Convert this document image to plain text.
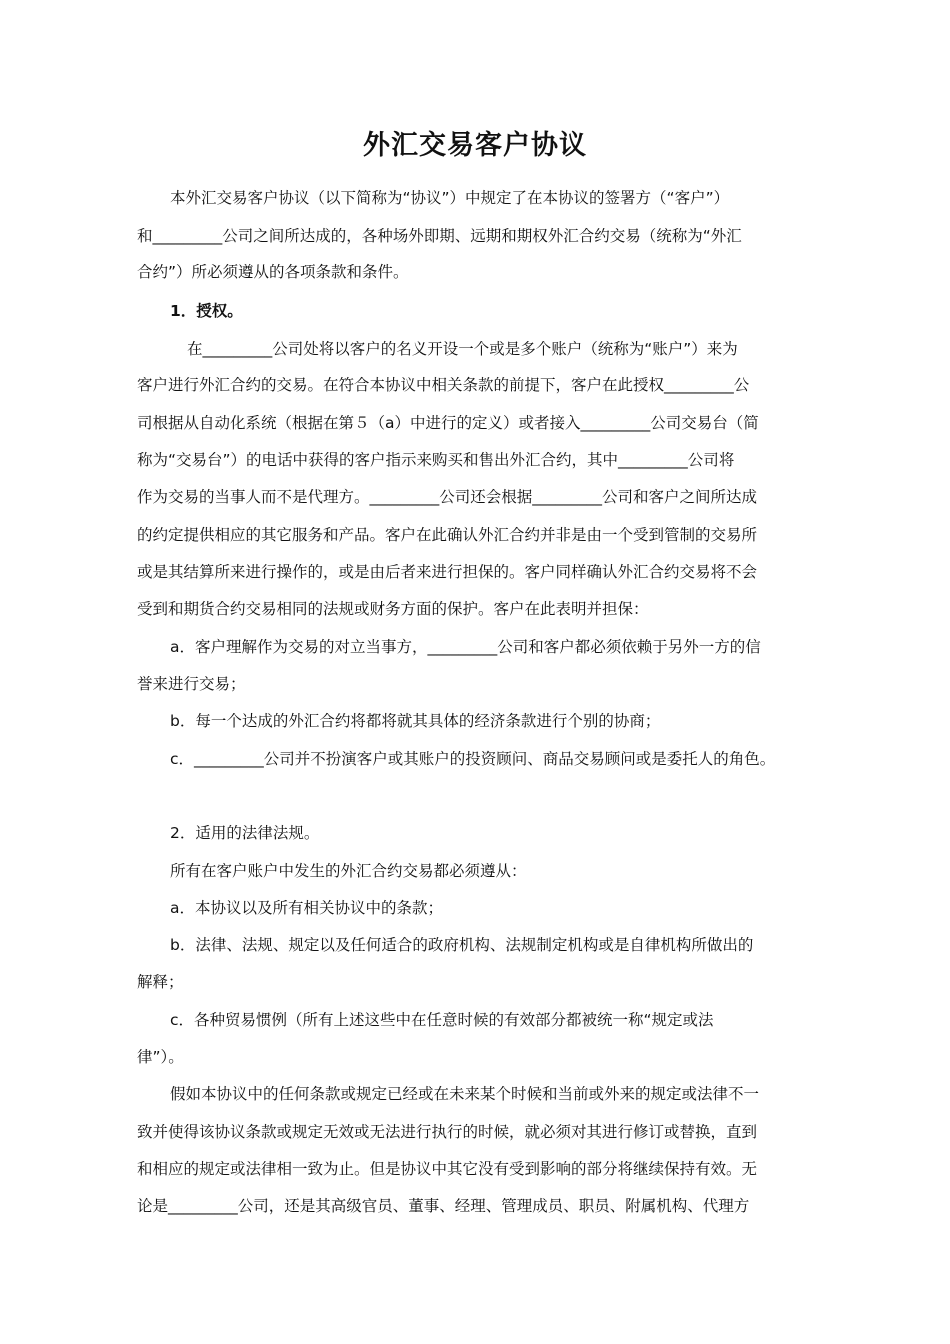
外汇交易客户协议
本外汇交易客户协议（以下简称为“协议”）中规定了在本协议的签署方（“客户”）
和_________公司之间所达成的，各种场外即期、远期和期权外汇合约交易（统称为“外汇
合约”）所必须遵从的各项条款和条件。
1．授权。
在_________公司处将以客户的名义开设一个或是多个账户（统称为“账户”）来为
客户进行外汇合约的交易。在符合本协议中相关条款的前提下，客户在此授权_________公
司根据从自动化系统（根据在第５（a）中进行的定义）或者接入_________公司交易台（简
称为“交易台”）的电话中获得的客户指示来购买和售出外汇合约，其中_________公司将
作为交易的当事人而不是代理方。_________公司还会根据_________公司和客户之间所达成
的约定提供相应的其它服务和产品。客户在此确认外汇合约并非是由一个受到管制的交易所
或是其结算所来进行操作的，或是由后者来进行担保的。客户同样确认外汇合约交易将不会
受到和期货合约交易相同的法规或财务方面的保护。客户在此表明并担保：
a．客户理解作为交易的对立当事方，_________公司和客户都必须依赖于另外一方的信
誉来进行交易；
b．每一个达成的外汇合约将都将就其具体的经济条款进行个别的协商；
c．_________公司并不扮演客户或其账户的投资顾问、商品交易顾问或是委托人的角色。
2．适用的法律法规。
所有在客户账户中发生的外汇合约交易都必须遵从：
a．本协议以及所有相关协议中的条款；
b．法律、法规、规定以及任何适合的政府机构、法规制定机构或是自律机构所做出的
解释；
c．各种贸易惯例（所有上述这些中在任意时候的有效部分都被统一称“规定或法
律”）。
假如本协议中的任何条款或规定已经或在未来某个时候和当前或外来的规定或法律不一
致并使得该协议条款或规定无效或无法进行执行的时候，就必须对其进行修订或替换，直到
和相应的规定或法律相一致为止。但是协议中其它没有受到影响的部分将继续保持有效。无
论是_________公司，还是其高级官员、董事、经理、管理成员、职员、附属机构、代理方
